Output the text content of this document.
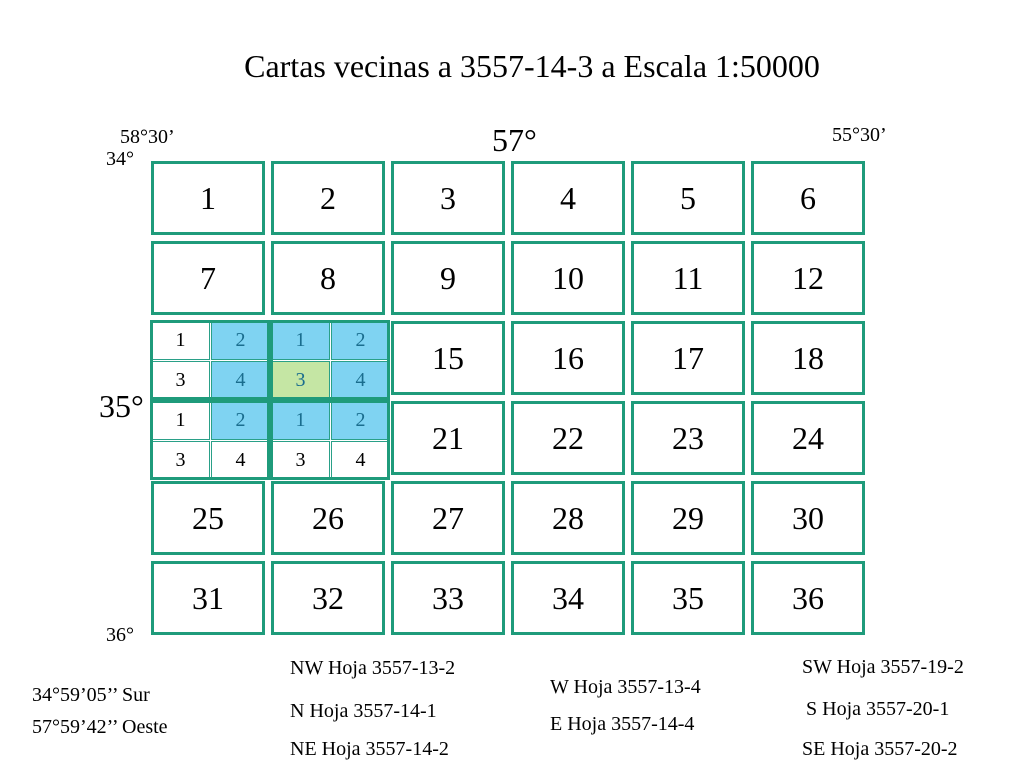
Cartas vecinas a 3557-14-3 a Escala 1:50000
58°30’	57°	55°30’
34°
35°
36°
1	2	3	4	5	6
7	8	9	10	11	12
15	16	17	18
21	22	23	24
25	26	27	28	29	30
31	32	33	34	35	36
1	2	1	2
3	4	3	4
1	2	1	2
3	4	3	4
34°59’05’’ Sur
57°59’42’’ Oeste
NW Hoja 3557-13-2
N Hoja 3557-14-1
NE Hoja 3557-14-2
W Hoja 3557-13-4
E Hoja 3557-14-4
SW Hoja 3557-19-2
S Hoja 3557-20-1
SE Hoja 3557-20-2
